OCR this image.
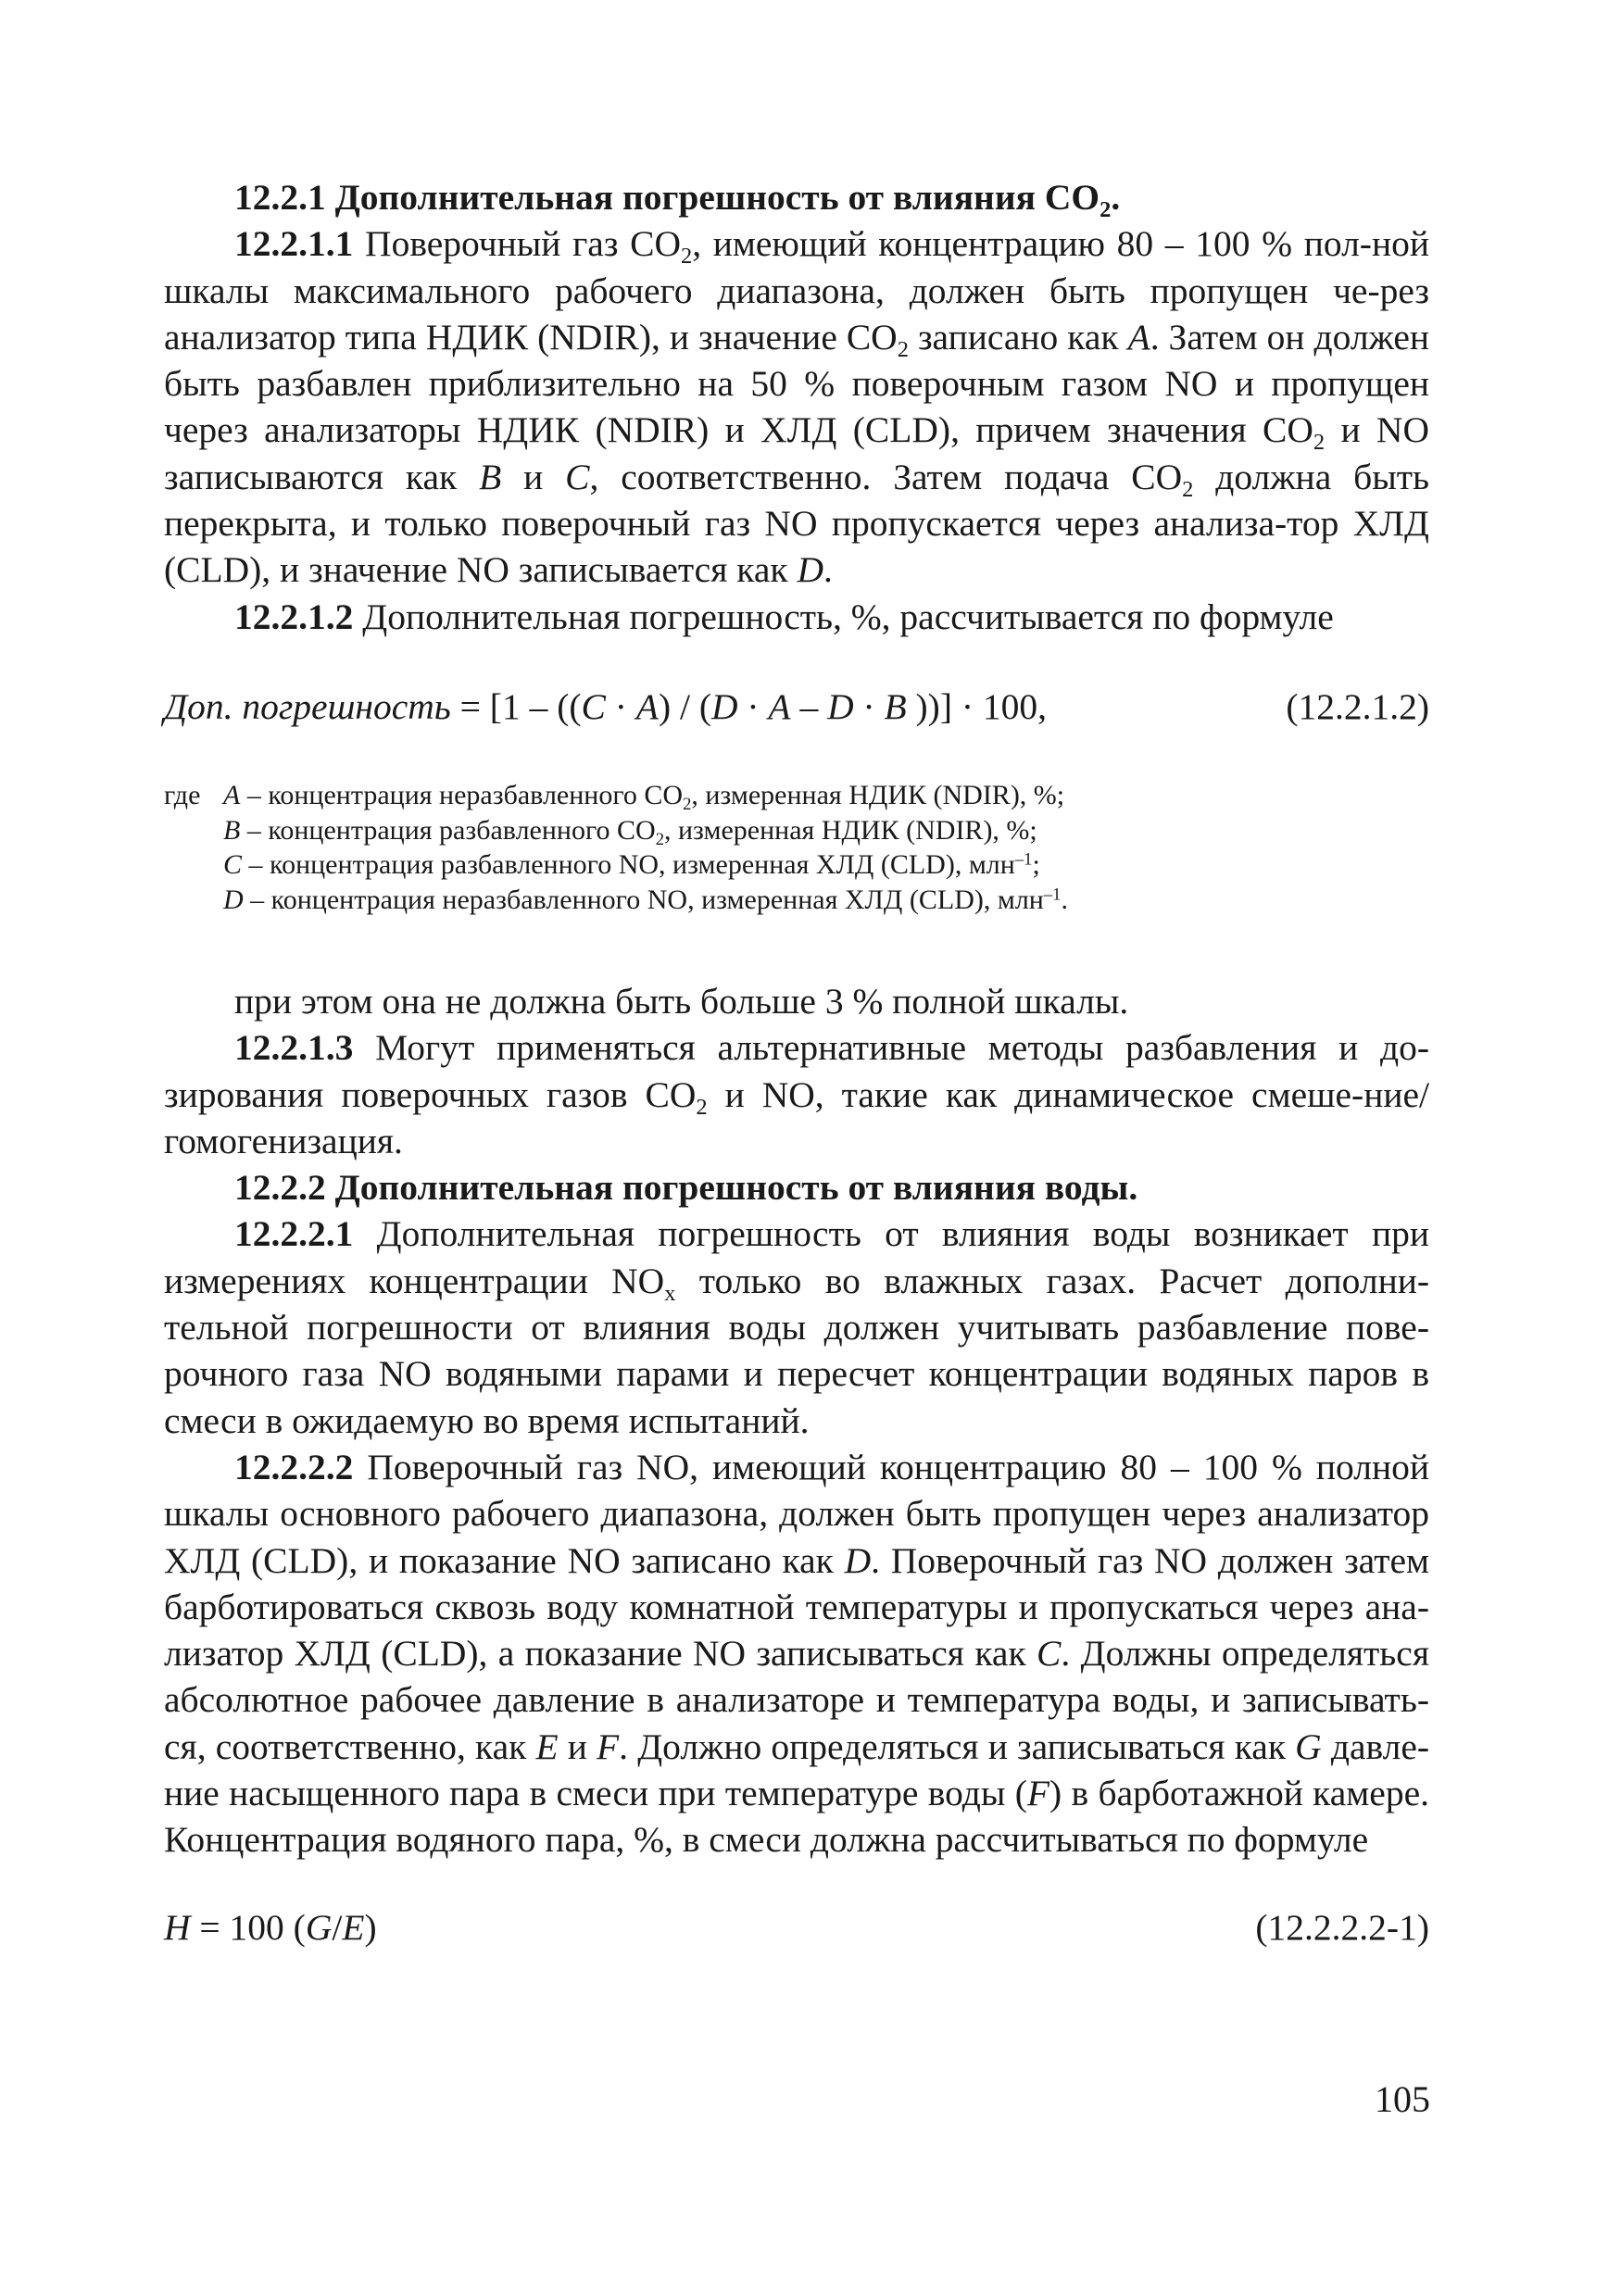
12.2.1 Дополнительная погрешность от влияния $CO_2$.

12.2.1.1 Поверочный газ $CO_2$, имеющий концентрацию 80 – 100 % пол-ной шкалы максимального рабочего диапазона, должен быть пропущен че-рез анализатор типа НДИК (NDIR), и значение $CO_2$ записано как A. Затем он должен быть разбавлен приблизительно на 50 % поверочным газом NO и пропущен через анализаторы НДИК (NDIR) и ХЛД (CLD), причем значения $CO_2$ и NO записываются как B и C, соответственно. Затем подача $CO_2$ должна быть перекрыта, и только поверочный газ NO пропускается через анализа-тор ХЛД (CLD), и значение NO записывается как D.

12.2.1.2 Дополнительная погрешность, %, рассчитывается по формуле

Доп. погрешность = [1 – ((C · A) / (D · A – D · B ))] · 100,	(12.2.1.2)
где A – концентрация неразбавленного $CO_2$, измеренная НДИК (NDIR), %;
B – концентрация разбавленного $CO_2$, измеренная НДИК (NDIR), %;
C – концентрация разбавленного NO, измеренная ХЛД (CLD), млн$^{-1}$;
D – концентрация неразбавленного NO, измеренная ХЛД (CLD), млн$^{-1}$.

при этом она не должна быть больше 3 % полной шкалы.

12.2.1.3 Могут применяться альтернативные методы разбавления и до-зирования поверочных газов $CO_2$ и NO, такие как динамическое смеше-ние/гомогенизация.

12.2.2 Дополнительная погрешность от влияния воды.

12.2.2.1 Дополнительная погрешность от влияния воды возникает при измерениях концентрации $NO_x$ только во влажных газах. Расчет дополни-тельной погрешности от влияния воды должен учитывать разбавление пове-рочного газа NO водяными парами и пересчет концентрации водяных паров в смеси в ожидаемую во время испытаний.

12.2.2.2 Поверочный газ NO, имеющий концентрацию 80 – 100 % полной шкалы основного рабочего диапазона, должен быть пропущен через анализатор ХЛД (CLD), и показание NO записано как D. Поверочный газ NO должен затем барботироваться сквозь воду комнатной температуры и пропускаться через ана-лизатор ХЛД (CLD), а показание NO записываться как C. Должны определяться абсолютное рабочее давление в анализаторе и температура воды, и записывать-ся, соответственно, как E и F. Должно определяться и записываться как G давле-ние насыщенного пара в смеси при температуре воды (F) в барботажной камере. Концентрация водяного пара, %, в смеси должна рассчитываться по формуле

H = 100 (G/E)	(12.2.2.2-1)
105
